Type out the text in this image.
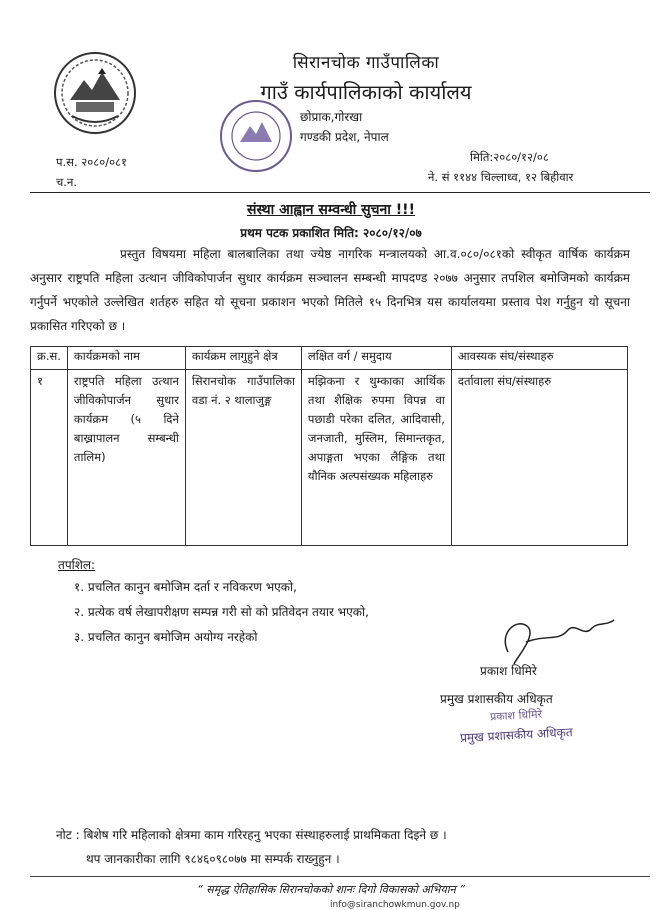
सिरानचोक गाउँपालिका
गाउँ कार्यपालिकाको कार्यालय
छोप्राक,गोरखा
गण्डकी प्रदेश, नेपाल
प.स. २०८०/०८१
च.न.
मिति:२०८०/१२/०८
ने. सं ११४४ चिल्लाध्व, १२ बिहीवार
संस्था आह्वान सम्वन्धी सुचना !!!
प्रथम पटक प्रकाशित मिति: २०८०/१२/०७
प्रस्तुत विषयमा महिला बालबालिका तथा ज्येष्ठ नागरिक मन्त्रालयको आ.व.०८०/०८१को स्वीकृत वार्षिक कार्यक्रम अनुसार राष्ट्रपति महिला उत्थान जीविकोपार्जन सुधार कार्यक्रम सञ्चालन सम्बन्धी मापदण्ड २०७७ अनुसार तपशिल बमोजिमको कार्यक्रम गर्नुपर्ने भएकोले उल्लेखित शर्तहरु सहित यो सूचना प्रकाशन भएको मितिले १५ दिनभित्र यस कार्यालयमा प्रस्ताव पेश गर्नुहुन यो सूचना प्रकासित गरिएको छ ।
क्र.स.	कार्यक्रमको नाम	कार्यक्रम लागुहुने क्षेत्र	लक्षित वर्ग / समुदाय	आवस्यक संघ/संस्थाहरु
१	राष्ट्रपति महिला उत्थान जीविकोपार्जन सुधार कार्यक्रम (५ दिने बाख्रापालन सम्बन्धी तालिम)	सिरानचोक गाउँपालिका वडा नं. २ थालाजुङ्ग	मझिकना र थुम्काका आर्थिक तथा शैक्षिक रुपमा विपन्न वा पछाडी परेका दलित, आदिवासी, जनजाती, मुस्लिम, सिमान्तकृत, अपाङ्गता भएका लैङ्गिक तथा यौनिक अल्पसंख्यक महिलाहरु	दर्तावाला संघ/संस्थाहरु
तपशिल:
१. प्रचलित कानुन बमोजिम दर्ता र नविकरण भएको,
२. प्रत्येक वर्ष लेखापरीक्षण सम्पन्न गरी सो को प्रतिवेदन तयार भएको,
३. प्रचलित कानुन बमोजिम अयोग्य नरहेको
प्रकाश धिमिरे
प्रमुख प्रशासकीय अधिकृत
प्रकाश धिमिरे
प्रमुख प्रशासकीय अधिकृत
नोट : बिशेष गरि महिलाको क्षेत्रमा काम गरिरहनु भएका संस्थाहरुलाई प्राथमिकता दिइने छ ।
थप जानकारीका लागि ९८४६०९८०७७ मा सम्पर्क राख्नुहुन ।
“ समृद्ध ऐतिहासिक सिरानचोकको शानः दिगो विकासको अभियान ”
info@siranchowkmun.gov.np
